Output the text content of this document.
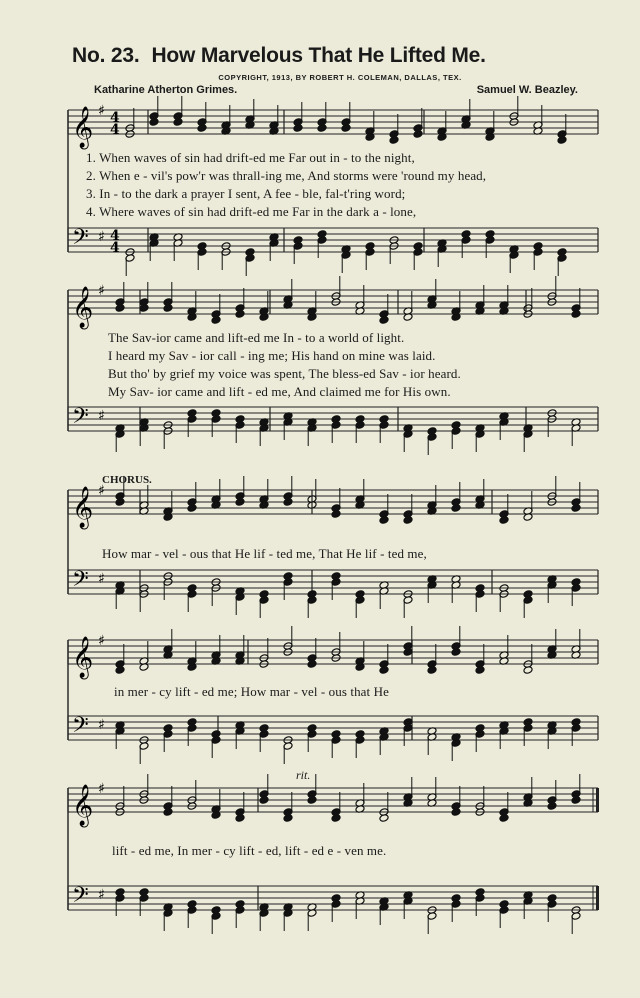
No. 23. How Marvelous That He Lifted Me.
COPYRIGHT, 1913, BY ROBERT H. COLEMAN, DALLAS, TEX.
Katharine Atherton Grimes.	Samuel W. Beazley.
𝄞 ♯ 4
4
𝄢 ♯ 4
4
𝄞 ♯
𝄢 ♯
𝄞 ♯
𝄢 ♯
𝄞 ♯
𝄢 ♯
𝄞 ♯
𝄢 ♯
1. When waves of sin had drift-ed me Far out in - to the night,
2. When e - vil's pow'r was thrall-ing me, And storms were 'round my head,
3. In - to the dark a prayer I sent, A fee - ble, fal-t'ring word;
4. Where waves of sin had drift-ed me Far in the dark a - lone,
The Sav-ior came and lift-ed me In - to a world of light.
I heard my Sav - ior call - ing me; His hand on mine was laid.
But tho' by grief my voice was spent, The bless-ed Sav - ior heard.
My Sav- ior came and lift - ed me, And claimed me for His own.
CHORUS.
How mar - vel - ous that He lif - ted me, That He lif - ted me,
in mer - cy lift - ed me; How mar - vel - ous that He
rit.
lift - ed me, In mer - cy lift - ed, lift - ed e - ven me.
